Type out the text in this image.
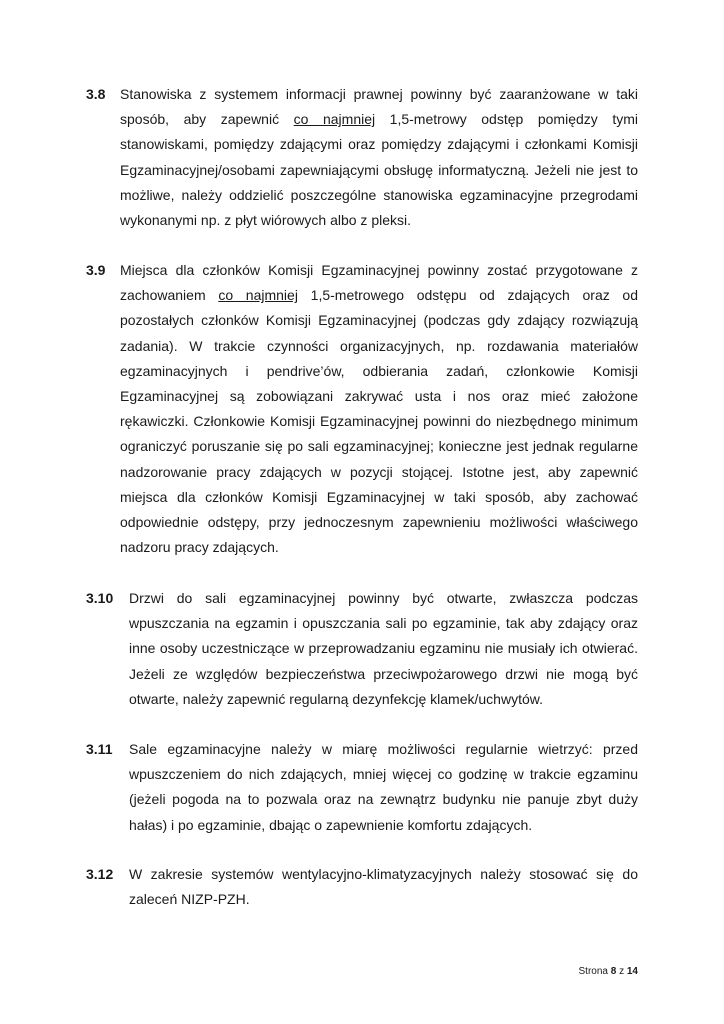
3.8 Stanowiska z systemem informacji prawnej powinny być zaaranżowane w taki sposób, aby zapewnić co najmniej 1,5-metrowy odstęp pomiędzy tymi stanowiskami, pomiędzy zdającymi oraz pomiędzy zdającymi i członkami Komisji Egzaminacyjnej/osobami zapewniającymi obsługę informatyczną. Jeżeli nie jest to możliwe, należy oddzielić poszczególne stanowiska egzaminacyjne przegrodami wykonanymi np. z płyt wiórowych albo z pleksi.
3.9 Miejsca dla członków Komisji Egzaminacyjnej powinny zostać przygotowane z zachowaniem co najmniej 1,5-metrowego odstępu od zdających oraz od pozostałych członków Komisji Egzaminacyjnej (podczas gdy zdający rozwiązują zadania). W trakcie czynności organizacyjnych, np. rozdawania materiałów egzaminacyjnych i pendrive’ów, odbierania zadań, członkowie Komisji Egzaminacyjnej są zobowiązani zakrywać usta i nos oraz mieć założone rękawiczki. Członkowie Komisji Egzaminacyjnej powinni do niezbędnego minimum ograniczyć poruszanie się po sali egzaminacyjnej; konieczne jest jednak regularne nadzorowanie pracy zdających w pozycji stojącej. Istotne jest, aby zapewnić miejsca dla członków Komisji Egzaminacyjnej w taki sposób, aby zachować odpowiednie odstępy, przy jednoczesnym zapewnieniu możliwości właściwego nadzoru pracy zdających.
3.10 Drzwi do sali egzaminacyjnej powinny być otwarte, zwłaszcza podczas wpuszczania na egzamin i opuszczania sali po egzaminie, tak aby zdający oraz inne osoby uczestniczące w przeprowadzaniu egzaminu nie musiały ich otwierać. Jeżeli ze względów bezpieczeństwa przeciwpożarowego drzwi nie mogą być otwarte, należy zapewnić regularną dezynfekcję klamek/uchwytów.
3.11 Sale egzaminacyjne należy w miarę możliwości regularnie wietrzyć: przed wpuszczeniem do nich zdających, mniej więcej co godzinę w trakcie egzaminu (jeżeli pogoda na to pozwala oraz na zewnątrz budynku nie panuje zbyt duży hałas) i po egzaminie, dbając o zapewnienie komfortu zdających.
3.12 W zakresie systemów wentylacyjno-klimatyzacyjnych należy stosować się do zaleceń NIZP-PZH.
Strona 8 z 14
